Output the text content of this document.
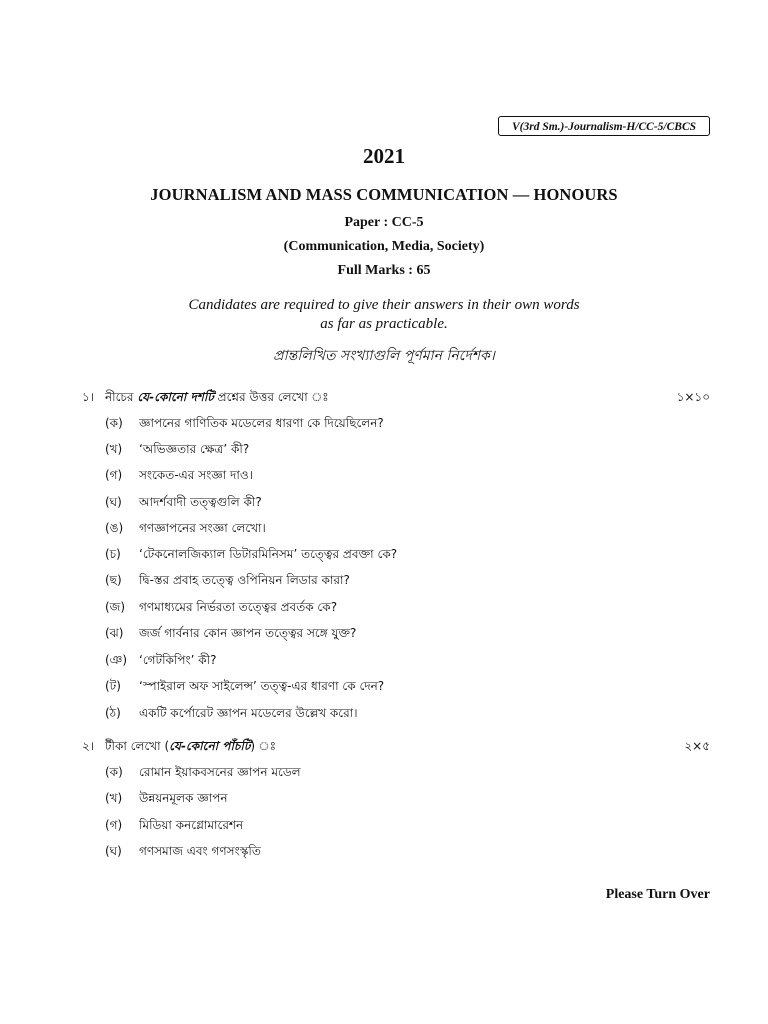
V(3rd Sm.)-Journalism-H/CC-5/CBCS
2021
JOURNALISM AND MASS COMMUNICATION — HONOURS
Paper : CC-5
(Communication, Media, Society)
Full Marks : 65
Candidates are required to give their answers in their own words
as far as practicable.
প্রান্তলিখিত সংখ্যাগুলি পূর্ণমান নির্দেশক।
১। নীচের যে-কোনো দশটি প্রশ্নের উত্তর লেখো ঃ	১×১০
(ক) জ্ঞাপনের গাণিতিক মডেলের ধারণা কে দিয়েছিলেন?
(খ) ‘অভিজ্ঞতার ক্ষেত্র’ কী?
(গ) সংকেত-এর সংজ্ঞা দাও।
(ঘ) আদর্শবাদী তত্ত্বগুলি কী?
(ঙ) গণজ্ঞাপনের সংজ্ঞা লেখো।
(চ) ‘টেকনোলজিক্যাল ডিটারমিনিসম’ তত্ত্বের প্রবক্তা কে?
(ছ) দ্বি-স্তর প্রবাহ তত্ত্বে ওপিনিয়ন লিডার কারা?
(জ) গণমাধ্যমের নির্ভরতা তত্ত্বের প্রবর্তক কে?
(ঝ) জর্জ গার্বনার কোন জ্ঞাপন তত্ত্বের সঙ্গে যুক্ত?
(ঞ) ‘গেটকিপিং’ কী?
(ট) ‘স্পাইরাল অফ সাইলেন্স’ তত্ত্ব-এর ধারণা কে দেন?
(ঠ) একটি কর্পোরেট জ্ঞাপন মডেলের উল্লেখ করো।
২। টীকা লেখো (যে-কোনো পাঁচটি) ঃ	২×৫
(ক) রোমান ইয়াকবসনের জ্ঞাপন মডেল
(খ) উন্নয়নমূলক জ্ঞাপন
(গ) মিডিয়া কনগ্লোমারেশন
(ঘ) গণসমাজ এবং গণসংস্কৃতি
Please Turn Over
